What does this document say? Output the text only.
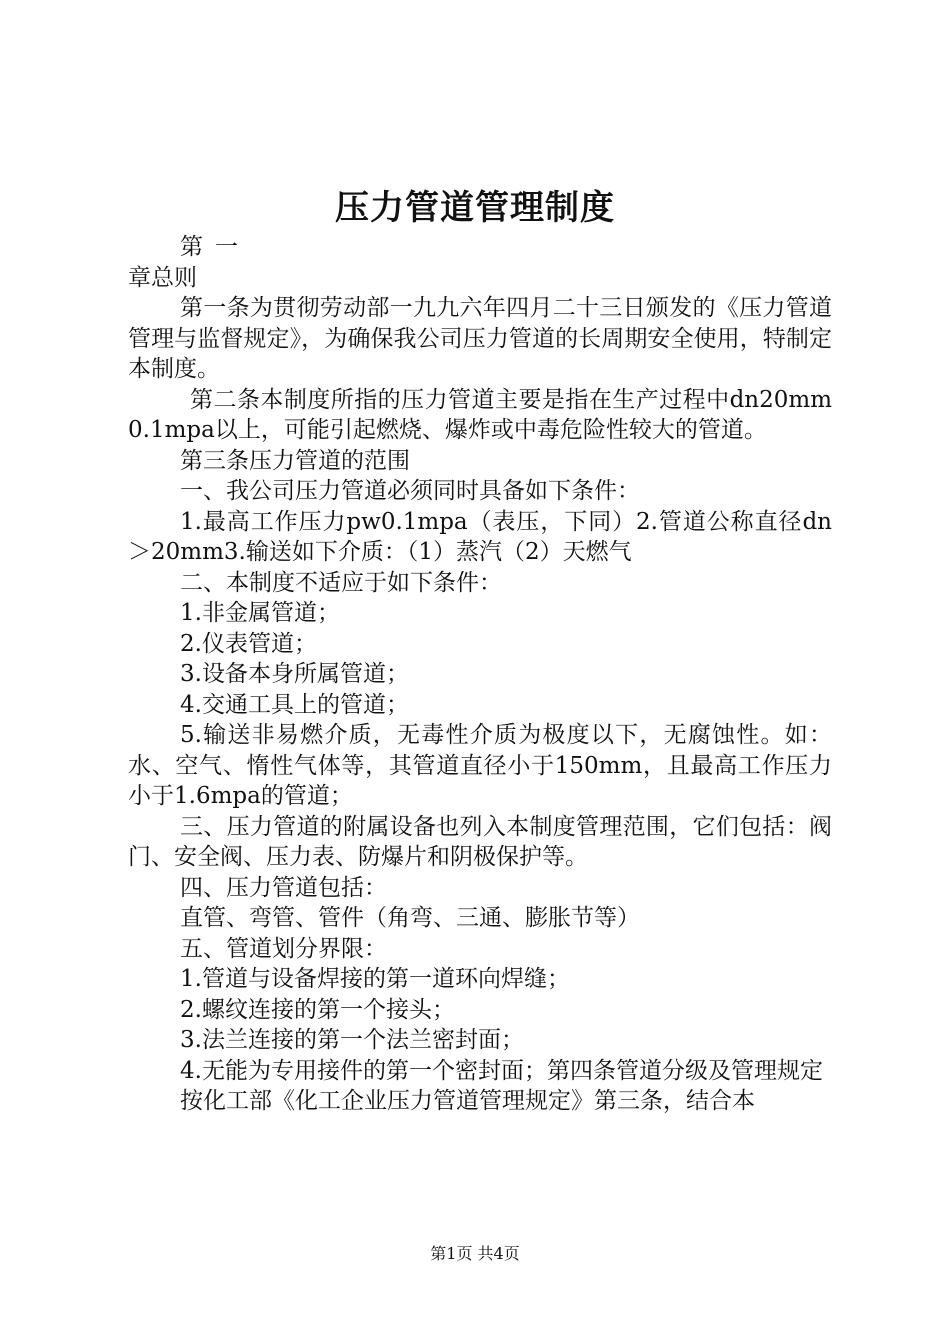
压力管道管理制度

第一章总则

第一条为贯彻劳动部一九九六年四月二十三日颁发的《压力管道管理与监督规定》，为确保我公司压力管道的长周期安全使用，特制定本制度。

第二条本制度所指的压力管道主要是指在生产过程中dn20mm0.1mpa以上，可能引起燃烧、爆炸或中毒危险性较大的管道。

第三条压力管道的范围

一、我公司压力管道必须同时具备如下条件：

1.最高工作压力pw0.1mpa（表压，下同）2.管道公称直径dn＞20mm3.输送如下介质：（1）蒸汽（2）天燃气

二、本制度不适应于如下条件：

1.非金属管道；

2.仪表管道；

3.设备本身所属管道；

4.交通工具上的管道；

5.输送非易燃介质，无毒性介质为极度以下，无腐蚀性。如：水、空气、惰性气体等，其管道直径小于150mm，且最高工作压力小于1.6mpa的管道；

三、压力管道的附属设备也列入本制度管理范围，它们包括：阀门、安全阀、压力表、防爆片和阴极保护等。

四、压力管道包括：

直管、弯管、管件（角弯、三通、膨胀节等）

五、管道划分界限：

1.管道与设备焊接的第一道环向焊缝；

2.螺纹连接的第一个接头；

3.法兰连接的第一个法兰密封面；

4.无能为专用接件的第一个密封面；第四条管道分级及管理规定

按化工部《化工企业压力管道管理规定》第三条，结合本

第1页 共4页
